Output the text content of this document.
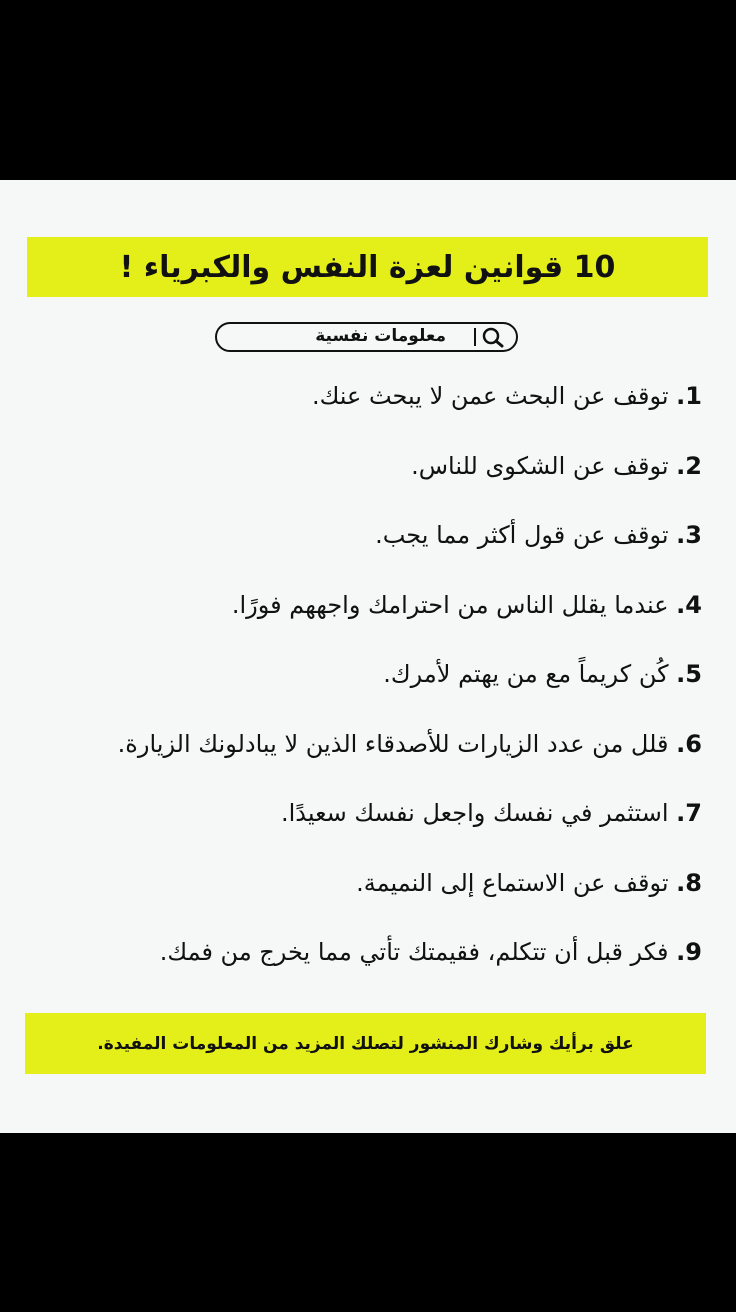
10 قوانين لعزة النفس والكبرياء !
معلومات نفسية
1. توقف عن البحث عمن لا يبحث عنك.
2. توقف عن الشكوى للناس.
3. توقف عن قول أكثر مما يجب.
4. عندما يقلل الناس من احترامك واجههم فورًا.
5. كُن كريماً مع من يهتم لأمرك.
6. قلل من عدد الزيارات للأصدقاء الذين لا يبادلونك الزيارة.
7. استثمر في نفسك واجعل نفسك سعيدًا.
8. توقف عن الاستماع إلى النميمة.
9. فكر قبل أن تتكلم، فقيمتك تأتي مما يخرج من فمك.
علق برأيك وشارك المنشور لتصلك المزيد من المعلومات المفيدة.
